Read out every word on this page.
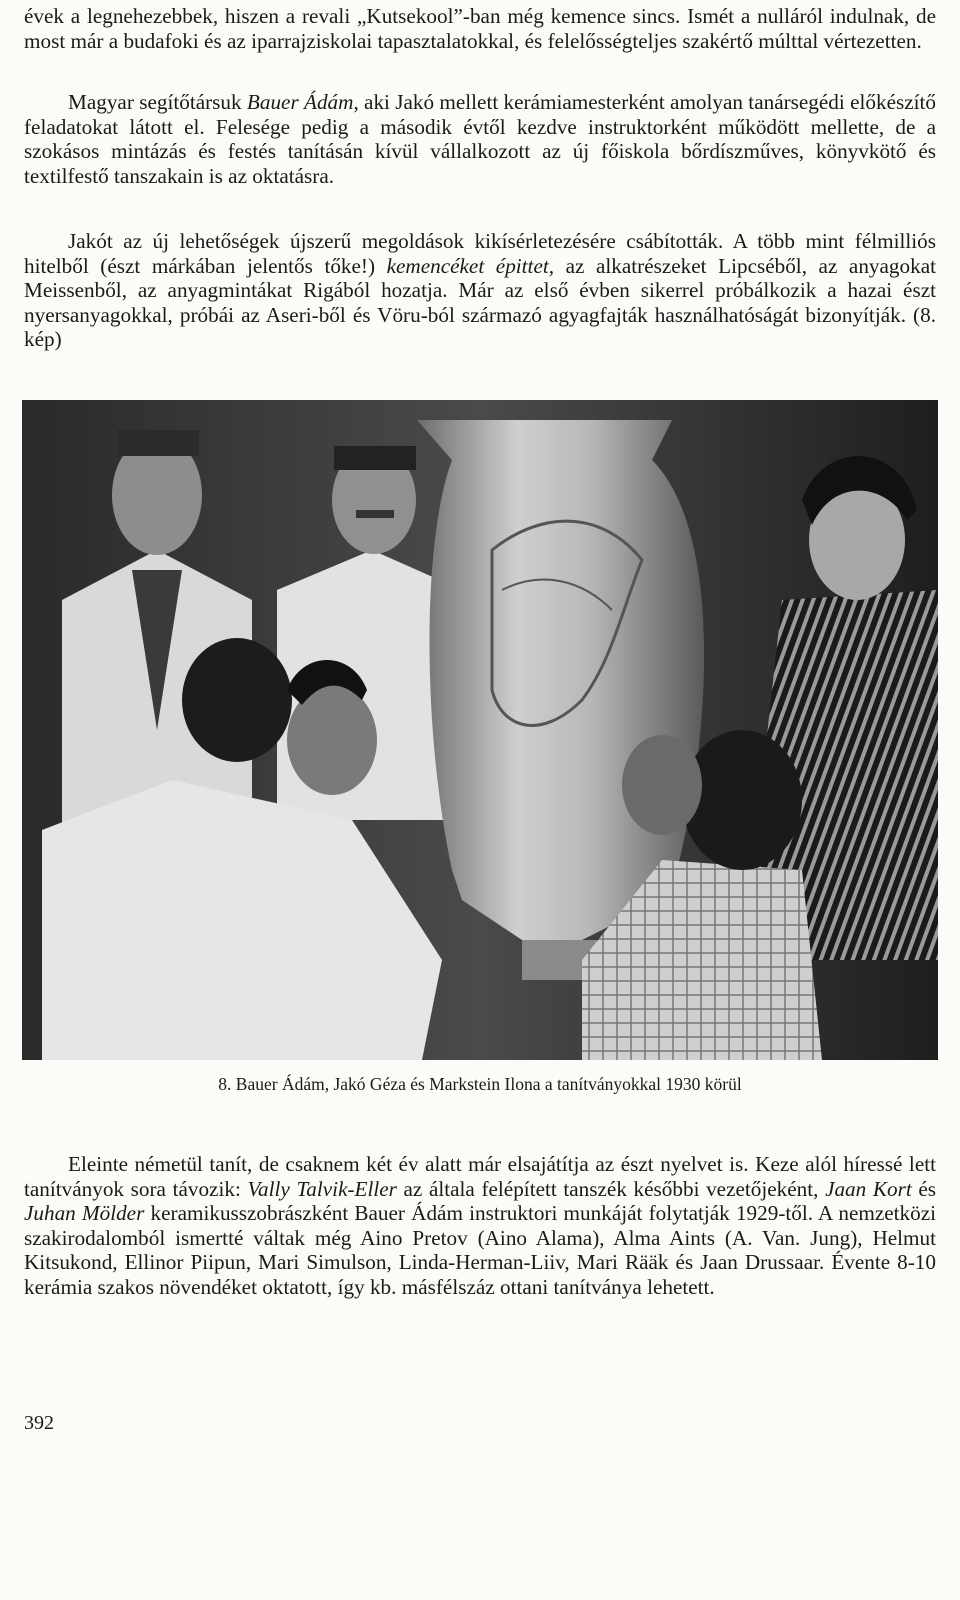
évek a legnehezebbek, hiszen a revali „Kutsekool”-ban még kemence sincs. Ismét a nulláról indulnak, de most már a budafoki és az iparrajziskolai tapasztalatokkal, és felelősségteljes szakértő múlttal vértezetten.

Magyar segítőtársuk Bauer Ádám, aki Jakó mellett kerámiamesterként amolyan tanársegédi előkészítő feladatokat látott el. Felesége pedig a második évtől kezdve instruktorként működött mellette, de a szokásos mintázás és festés tanításán kívül vállalkozott az új főiskola bőrdíszműves, könyvkötő és textilfestő tanszakain is az oktatásra.

Jakót az új lehetőségek újszerű megoldások kikísérletezésére csábították. A több mint félmilliós hitelből (észt márkában jelentős tőke!) kemencéket épittet, az alkatrészeket Lipcséből, az anyagokat Meissenből, az anyagmintákat Rigából hozatja. Már az első évben sikerrel próbálkozik a hazai észt nyersanyagokkal, próbái az Aseri-ből és Vöru-ból származó agyagfajták használhatóságát bizonyítják. (8. kép)

8. Bauer Ádám, Jakó Géza és Markstein Ilona a tanítványokkal 1930 körül

Eleinte németül tanít, de csaknem két év alatt már elsajátítja az észt nyelvet is. Keze alól híressé lett tanítványok sora távozik: Vally Talvik-Eller az általa felépített tanszék későbbi vezetőjeként, Jaan Kort és Juhan Mölder keramikusszobrászként Bauer Ádám instruktori munkáját folytatják 1929-től. A nemzetközi szakirodalomból ismertté váltak még Aino Pretov (Aino Alama), Alma Aints (A. Van. Jung), Helmut Kitsukond, Ellinor Piipun, Mari Simulson, Linda-Herman-Liiv, Mari Rääk és Jaan Drussaar. Évente 8-10 kerámia szakos növendéket oktatott, így kb. másfélszáz ottani tanítványa lehetett.

392
